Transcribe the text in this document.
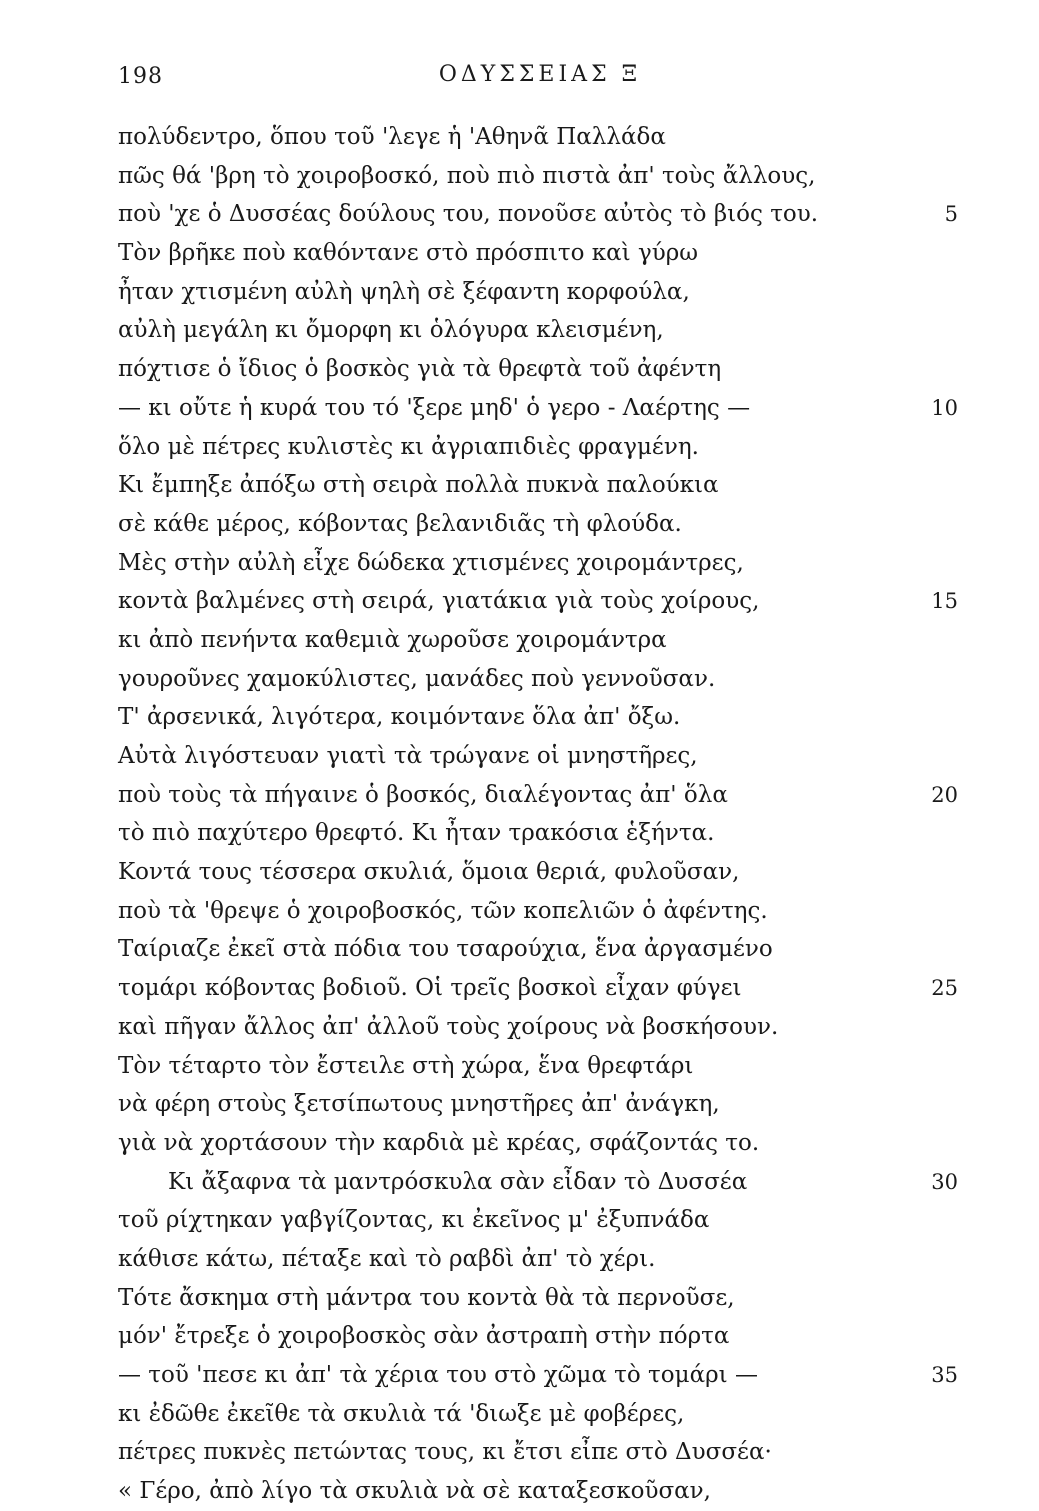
198	ΟΔΥΣΣΕΙΑΣ Ξ
πολύδεντρο, ὅπου τοῦ 'λεγε ἡ 'Αθηνᾶ Παλλάδα
πῶς θά 'βρη τὸ χοιροβοσκό, ποὺ πιὸ πιστὰ ἀπ' τοὺς ἄλλους,
ποὺ 'χε ὁ Δυσσέας δούλους του, πονοῦσε αὐτὸς τὸ βιός του.	5
Τὸν βρῆκε ποὺ καθόντανε στὸ πρόσπιτο καὶ γύρω
ἦταν χτισμένη αὐλὴ ψηλὴ σὲ ξέφαντη κορφούλα,
αὐλὴ μεγάλη κι ὄμορφη κι ὁλόγυρα κλεισμένη,
πόχτισε ὁ ἴδιος ὁ βοσκὸς γιὰ τὰ θρεφτὰ τοῦ ἀφέντη
— κι οὔτε ἡ κυρά του τό 'ξερε μηδ' ὁ γερο - Λαέρτης —	10
ὅλο μὲ πέτρες κυλιστὲς κι ἀγριαπιδιὲς φραγμένη.
Κι ἔμπηξε ἀπόξω στὴ σειρὰ πολλὰ πυκνὰ παλούκια
σὲ κάθε μέρος, κόβοντας βελανιδιᾶς τὴ φλούδα.
Μὲς στὴν αὐλὴ εἶχε δώδεκα χτισμένες χοιρομάντρες,
κοντὰ βαλμένες στὴ σειρά, γιατάκια γιὰ τοὺς χοίρους,	15
κι ἀπὸ πενήντα καθεμιὰ χωροῦσε χοιρομάντρα
γουροῦνες χαμοκύλιστες, μανάδες ποὺ γεννοῦσαν.
Τ' ἀρσενικά, λιγότερα, κοιμόντανε ὅλα ἀπ' ὄξω.
Αὐτὰ λιγόστευαν γιατὶ τὰ τρώγανε οἱ μνηστῆρες,
ποὺ τοὺς τὰ πήγαινε ὁ βοσκός, διαλέγοντας ἀπ' ὅλα	20
τὸ πιὸ παχύτερο θρεφτό. Κι ἦταν τρακόσια ἑξήντα.
Κοντά τους τέσσερα σκυλιά, ὅμοια θεριά, φυλοῦσαν,
ποὺ τὰ 'θρεψε ὁ χοιροβοσκός, τῶν κοπελιῶν ὁ ἀφέντης.
Ταίριαζε ἐκεῖ στὰ πόδια του τσαρούχια, ἕνα ἀργασμένο
τομάρι κόβοντας βοδιοῦ. Οἱ τρεῖς βοσκοὶ εἶχαν φύγει	25
καὶ πῆγαν ἄλλος ἀπ' ἀλλοῦ τοὺς χοίρους νὰ βοσκήσουν.
Τὸν τέταρτο τὸν ἔστειλε στὴ χώρα, ἕνα θρεφτάρι
νὰ φέρη στοὺς ξετσίπωτους μνηστῆρες ἀπ' ἀνάγκη,
γιὰ νὰ χορτάσουν τὴν καρδιὰ μὲ κρέας, σφάζοντάς το.
Κι ἄξαφνα τὰ μαντρόσκυλα σὰν εἶδαν τὸ Δυσσέα	30
τοῦ ρίχτηκαν γαβγίζοντας, κι ἐκεῖνος μ' ἐξυπνάδα
κάθισε κάτω, πέταξε καὶ τὸ ραβδὶ ἀπ' τὸ χέρι.
Τότε ἄσκημα στὴ μάντρα του κοντὰ θὰ τὰ περνοῦσε,
μόν' ἔτρεξε ὁ χοιροβοσκὸς σὰν ἀστραπὴ στὴν πόρτα
— τοῦ 'πεσε κι ἀπ' τὰ χέρια του στὸ χῶμα τὸ τομάρι —	35
κι ἐδῶθε ἐκεῖθε τὰ σκυλιὰ τά 'διωξε μὲ φοβέρες,
πέτρες πυκνὲς πετώντας τους, κι ἔτσι εἶπε στὸ Δυσσέα·
« Γέρο, ἀπὸ λίγο τὰ σκυλιὰ νὰ σὲ καταξεσκοῦσαν,
